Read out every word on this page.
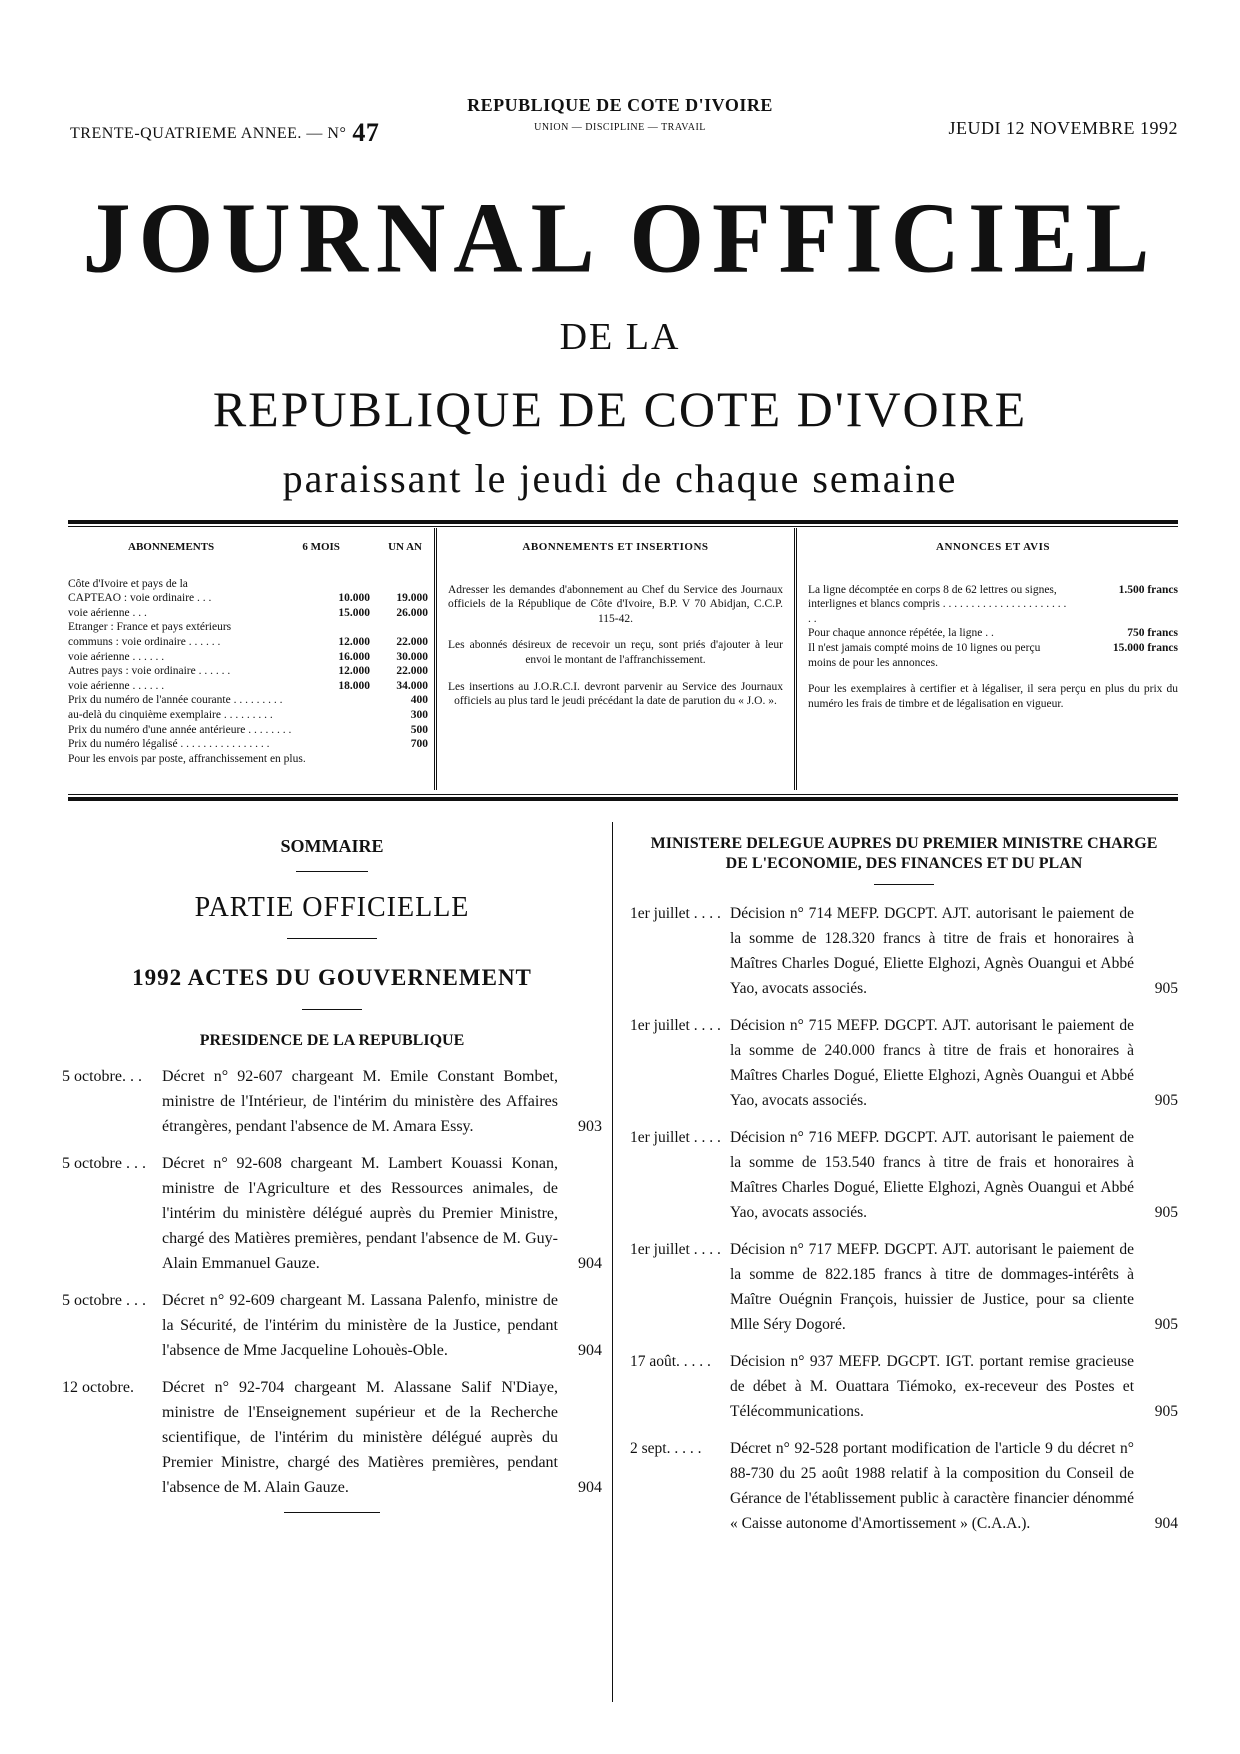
TRENTE-QUATRIEME ANNEE. — N° 47
REPUBLIQUE DE COTE D'IVOIRE
UNION — DISCIPLINE — TRAVAIL	JEUDI 12 NOVEMBRE 1992
JOURNAL OFFICIEL
DE LA
REPUBLIQUE DE COTE D'IVOIRE
paraissant le jeudi de chaque semaine
ABONNEMENTS	6 MOIS	UN AN
Côte d'Ivoire et pays de la
CAPTEAO : voie ordinaire . . .	10.000	19.000
voie aérienne . . .	15.000	26.000
Etranger : France et pays extérieurs
communs : voie ordinaire . . . . . .	12.000	22.000
voie aérienne . . . . . .	16.000	30.000
Autres pays : voie ordinaire . . . . . .	12.000	22.000
voie aérienne . . . . . .	18.000	34.000
Prix du numéro de l'année courante . . . . . . . . .	400
au-delà du cinquième exemplaire . . . . . . . . .	300
Prix du numéro d'une année antérieure . . . . . . . .	500
Prix du numéro légalisé . . . . . . . . . . . . . . . .	700
Pour les envois par poste, affranchissement en plus.
ABONNEMENTS ET INSERTIONS

Adresser les demandes d'abonnement au Chef du Service des Journaux officiels de la République de Côte d'Ivoire, B.P. V 70 Abidjan, C.C.P. 115-42.

Les abonnés désireux de recevoir un reçu, sont priés d'ajouter à leur envoi le montant de l'affranchissement.

Les insertions au J.O.R.C.I. devront parvenir au Service des Journaux officiels au plus tard le jeudi précédant la date de parution du « J.O. ».

ANNONCES ET AVIS
La ligne décomptée en corps 8 de 62 lettres ou signes, interlignes et blancs compris . . . . . . . . . . . . . . . . . . . . . . . .
1.500 francs
Pour chaque annonce répétée, la ligne . .	750 francs
Il n'est jamais compté moins de 10 lignes ou perçu moins de pour les annonces.
15.000 francs

Pour les exemplaires à certifier et à légaliser, il sera perçu en plus du prix du numéro les frais de timbre et de légalisation en vigueur.

SOMMAIRE
PARTIE OFFICIELLE
1992 ACTES DU GOUVERNEMENT
PRESIDENCE DE LA REPUBLIQUE
5 octobre. . .	Décret n° 92-607 chargeant M. Emile Constant Bombet, ministre de l'Intérieur, de l'intérim du ministère des Affaires étrangères, pendant l'absence de M. Amara Essy.	903
5 octobre . . .	Décret n° 92-608 chargeant M. Lambert Kouassi Konan, ministre de l'Agriculture et des Ressources animales, de l'intérim du ministère délégué auprès du Premier Ministre, chargé des Matières premières, pendant l'absence de M. Guy-Alain Emmanuel Gauze.	904
5 octobre . . .	Décret n° 92-609 chargeant M. Lassana Palenfo, ministre de la Sécurité, de l'intérim du ministère de la Justice, pendant l'absence de Mme Jacqueline Lohouès-Oble.	904
12 octobre.	Décret n° 92-704 chargeant M. Alassane Salif N'Diaye, ministre de l'Enseignement supérieur et de la Recherche scientifique, de l'intérim du ministère délégué auprès du Premier Ministre, chargé des Matières premières, pendant l'absence de M. Alain Gauze.	904
MINISTERE DELEGUE AUPRES DU PREMIER MINISTRE CHARGE DE L'ECONOMIE, DES FINANCES ET DU PLAN
1er juillet . . . . Décision n° 714 MEFP. DGCPT. AJT. autorisant le paiement de la somme de 128.320 francs à titre de frais et honoraires à Maîtres Charles Dogué, Eliette Elghozi, Agnès Ouangui et Abbé Yao, avocats associés.	905
1er juillet . . . . Décision n° 715 MEFP. DGCPT. AJT. autorisant le paiement de la somme de 240.000 francs à titre de frais et honoraires à Maîtres Charles Dogué, Eliette Elghozi, Agnès Ouangui et Abbé Yao, avocats associés.	905
1er juillet . . . . Décision n° 716 MEFP. DGCPT. AJT. autorisant le paiement de la somme de 153.540 francs à titre de frais et honoraires à Maîtres Charles Dogué, Eliette Elghozi, Agnès Ouangui et Abbé Yao, avocats associés.	905
1er juillet . . . . Décision n° 717 MEFP. DGCPT. AJT. autorisant le paiement de la somme de 822.185 francs à titre de dommages-intérêts à Maître Ouégnin François, huissier de Justice, pour sa cliente Mlle Séry Dogoré.	905
17 août. . . . .	Décision n° 937 MEFP. DGCPT. IGT. portant remise gracieuse de débet à M. Ouattara Tiémoko, ex-receveur des Postes et Télécommunications.	905
2 sept. . . . .	Décret n° 92-528 portant modification de l'article 9 du décret n° 88-730 du 25 août 1988 relatif à la composition du Conseil de Gérance de l'établissement public à caractère financier dénommé « Caisse autonome d'Amortissement » (C.A.A.).	904
